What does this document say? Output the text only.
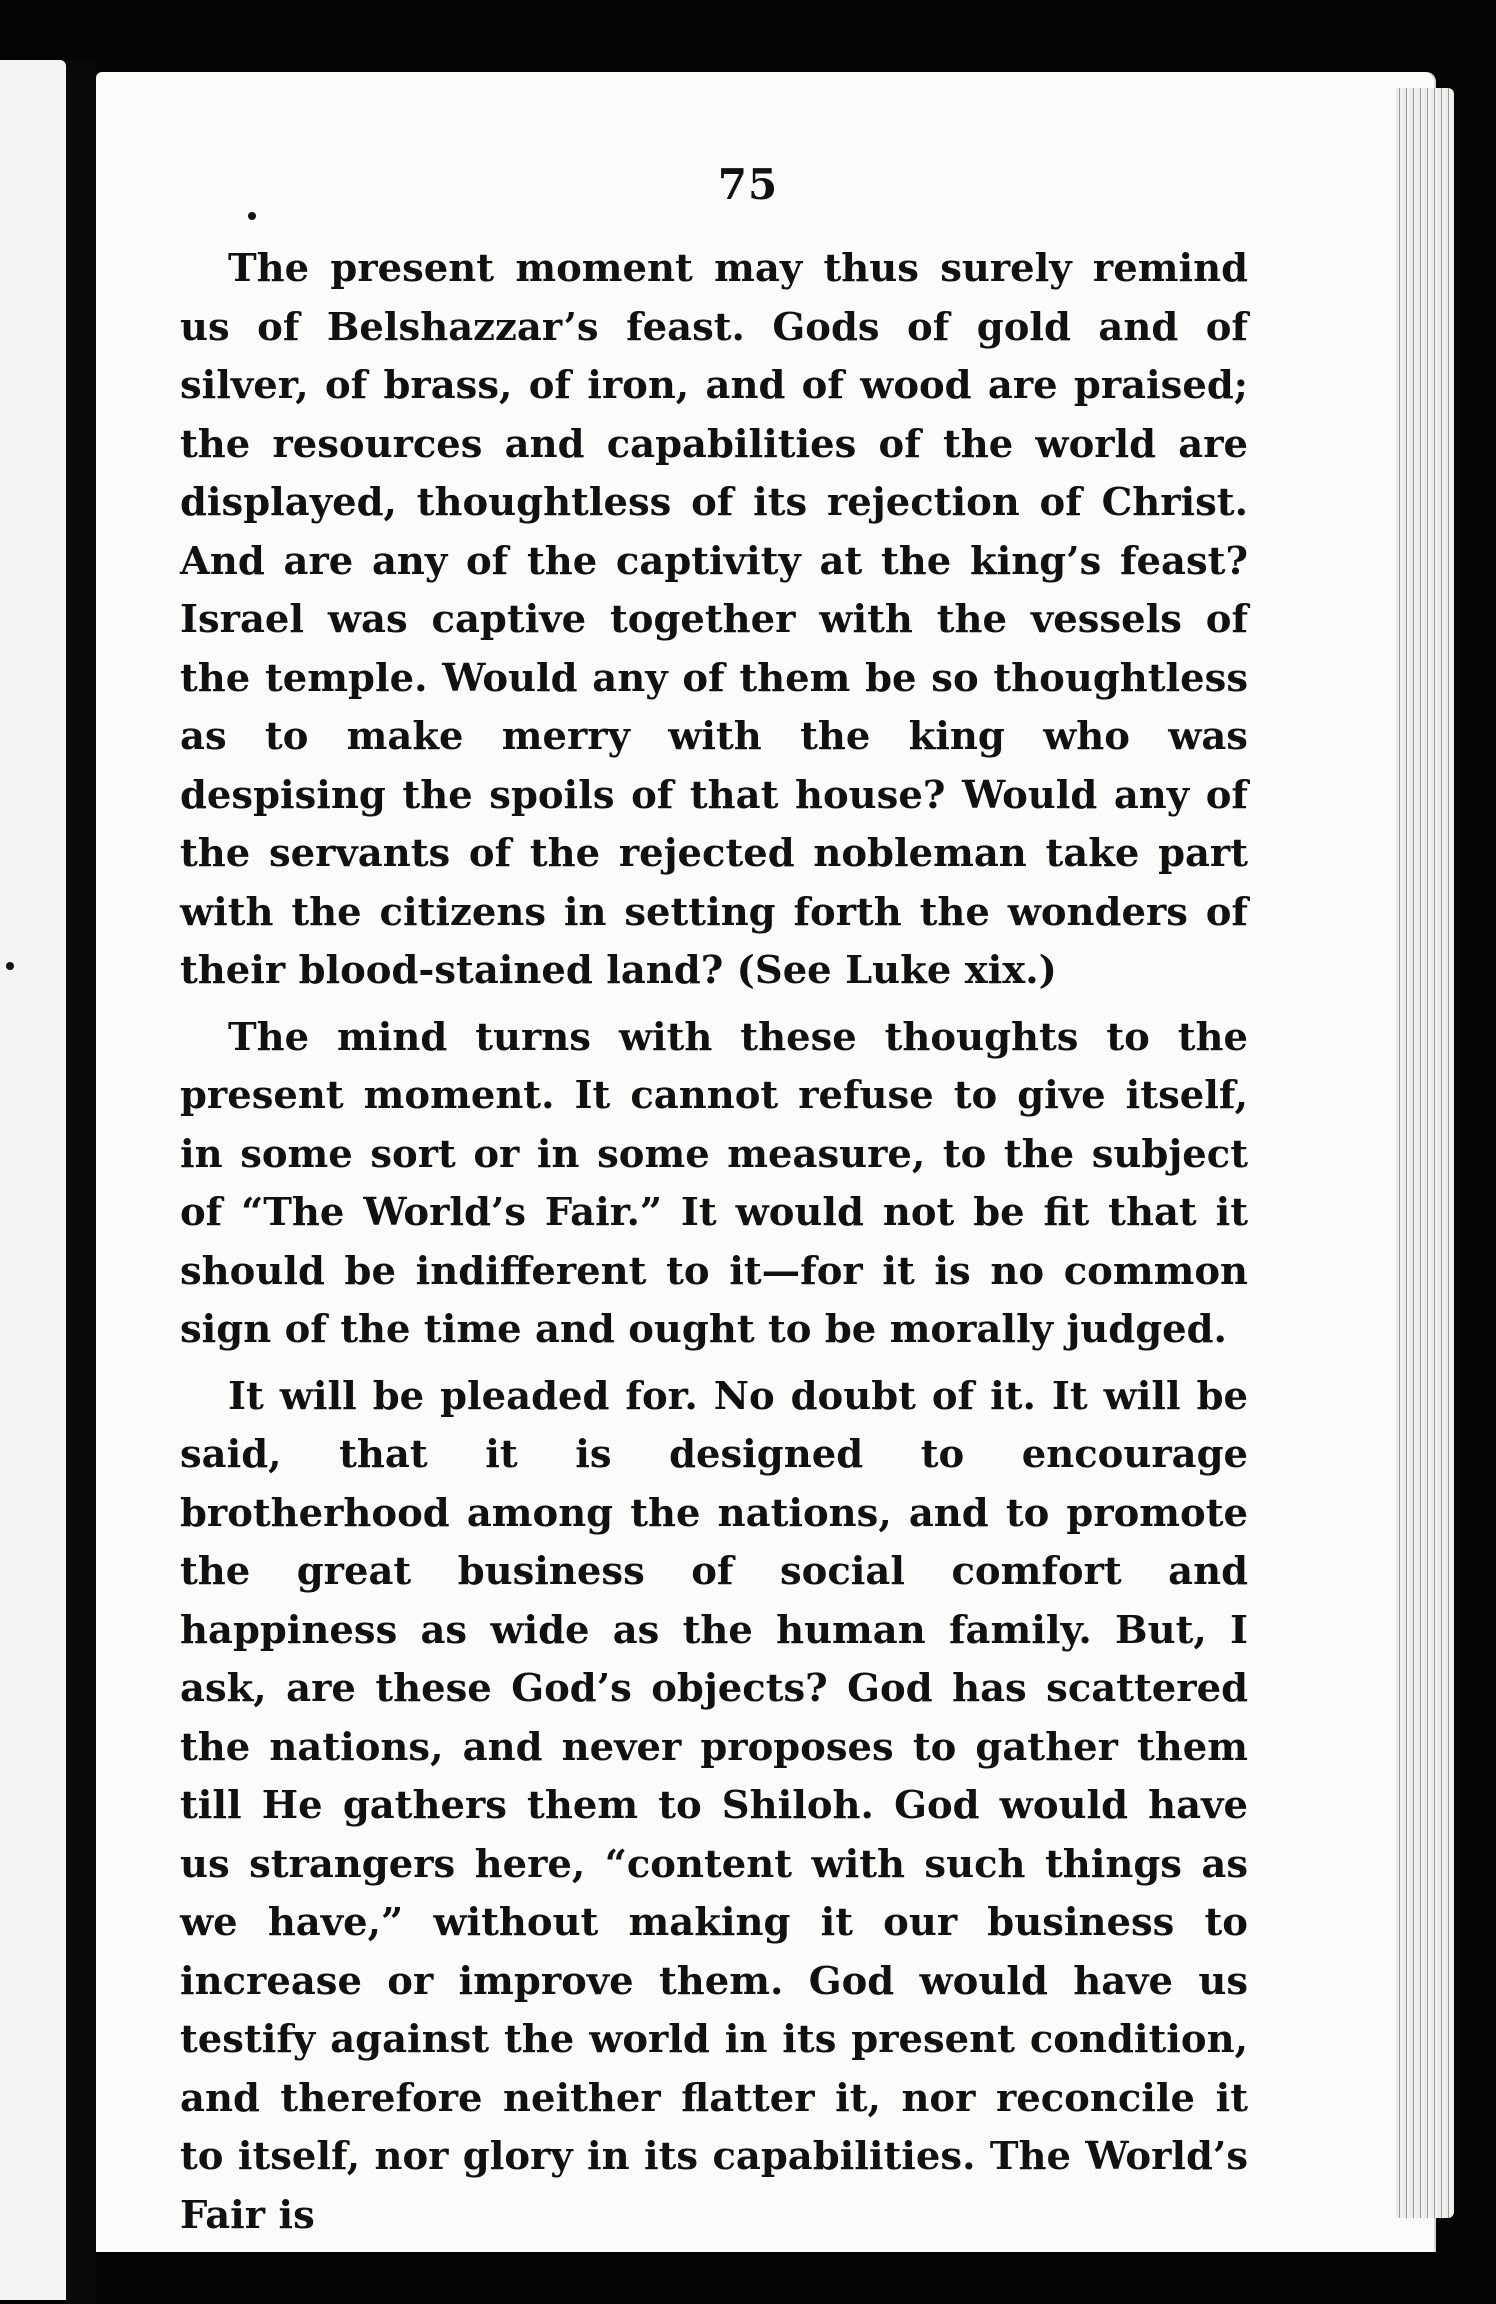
75

The present moment may thus surely remind us of Belshazzar’s feast. Gods of gold and of silver, of brass, of iron, and of wood are praised; the resources and capabilities of the world are displayed, thoughtless of its rejection of Christ. And are any of the captivity at the king’s feast? Israel was captive together with the vessels of the temple. Would any of them be so thoughtless as to make merry with the king who was despising the spoils of that house? Would any of the servants of the rejected nobleman take part with the citizens in setting forth the wonders of their blood-stained land? (See Luke xix.)

The mind turns with these thoughts to the present moment. It cannot refuse to give itself, in some sort or in some measure, to the subject of “The World’s Fair.” It would not be fit that it should be indifferent to it—for it is no common sign of the time and ought to be morally judged.

It will be pleaded for. No doubt of it. It will be said, that it is designed to encourage brotherhood among the nations, and to promote the great business of social comfort and happiness as wide as the human family. But, I ask, are these God’s objects? God has scattered the nations, and never proposes to gather them till He gathers them to Shiloh. God would have us strangers here, “content with such things as we have,” without making it our business to increase or improve them. God would have us testify against the world in its present condition, and therefore neither flatter it, nor reconcile it to itself, nor glory in its capabilities. The World’s Fair is
